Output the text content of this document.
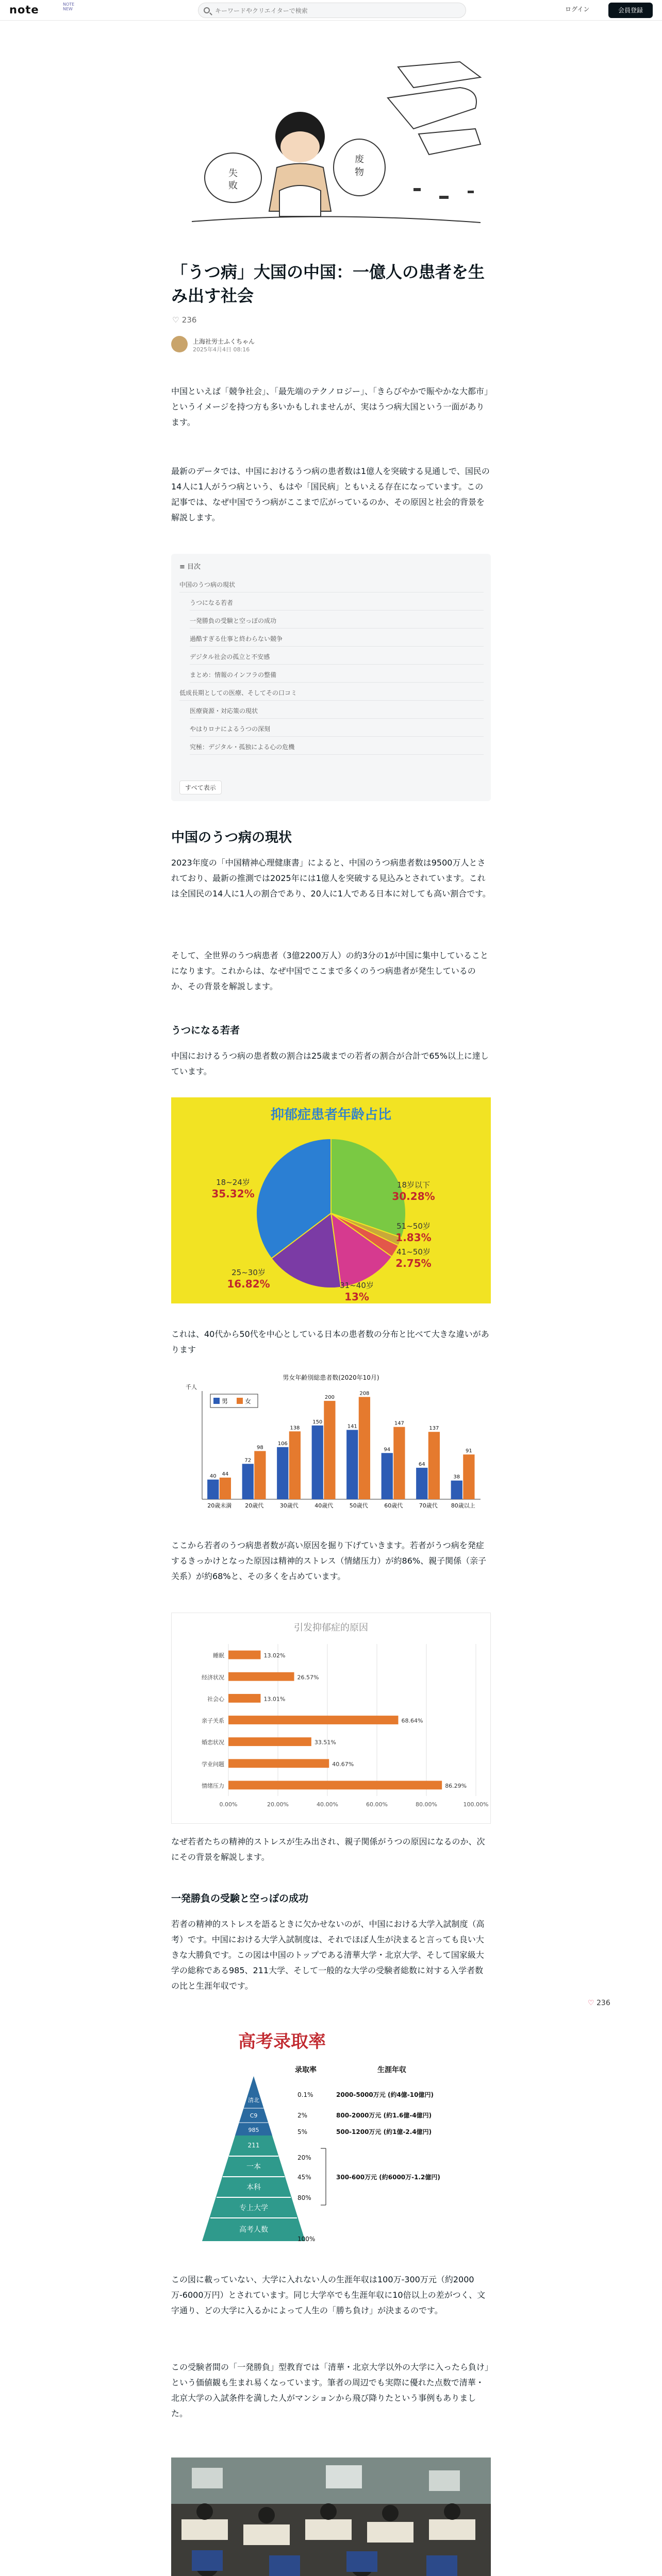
note	NOTE NEW
キーワードやクリエイターで検索	ログイン	会員登録
失
败
废
物
「うつ病」大国の中国：一億人の患者を生み出す社会
♡ 236
上海社労士ふくちゃん
2025年4月4日 08:16

中国といえば「競争社会」、「最先端のテクノロジー」、「きらびやかで賑やかな大都市」というイメージを持つ方も多いかもしれませんが、実はうつ病大国という一面があります。

最新のデータでは、中国におけるうつ病の患者数は1億人を突破する見通しで、国民の14人に1人がうつ病という、もはや「国民病」ともいえる存在になっています。この記事では、なぜ中国でうつ病がここまで広がっているのか、その原因と社会的背景を解説します。

≡ 目次
中国のうつ病の現状
うつになる若者
一発勝負の受験と空っぽの成功
過酷すぎる仕事と終わらない競争
デジタル社会の孤立と不安感
まとめ：情報のインフラの整備
低成長期としての医療、そしてその口コミ
医療資源・対応策の現状
やはりロナによるうつの深刻
究極：デジタル・孤独による心の危機
すべて表示
中国のうつ病の現状

2023年度の「中国精神心理健康書」によると、中国のうつ病患者数は9500万人とされており、最新の推測では2025年には1億人を突破する見込みとされています。これは全国民の14人に1人の割合であり、20人に1人である日本に対しても高い割合です。

そして、全世界のうつ病患者（3億2200万人）の約3分の1が中国に集中していることになります。これからは、なぜ中国でここまで多くのうつ病患者が発生しているのか、その背景を解説します。

うつになる若者

中国におけるうつ病の患者数の割合は25歳までの若者の割合が合計で65%以上に達しています。

抑郁症患者年龄占比
18岁以下
30.28%
51~50岁
1.83%
41~50岁
2.75%
31~40岁
13%
25~30岁
16.82%
18~24岁
35.32%

これは、40代から50代を中心としている日本の患者数の分布と比べて大きな違いがあります

男女年齢別総患者数(2020年10月)
千人
40
72
106
150
141
94
64
38
44
98
138
200
208
147
137
91
20歳未満 20歳代	30歳代	40歳代	50歳代	60歳代	70歳代 80歳以上
男	女

ここから若者のうつ病患者数が高い原因を掘り下げていきます。若者がうつ病を発症するきっかけとなった原因は精神的ストレス（情緒压力）が約86%、親子関係（亲子关系）が約68%と、その多くを占めています。

引发抑郁症的原因
0.00%	20.00%	40.00%	60.00%	80.00%	100.00%
睡眠	13.02%
经济状况	26.57%
社会心	13.01%
亲子关系	68.64%
婚恋状况	33.51%
学业问题	40.67%
情绪压力	86.29%

なぜ若者たちの精神的ストレスが生み出され、親子関係がうつの原因になるのか、次にその背景を解説します。

一発勝負の受験と空っぽの成功

若者の精神的ストレスを語るときに欠かせないのが、中国における大学入試制度（高考）です。中国における大学入試制度は、それでほぼ人生が決まると言っても良い大きな大勝負です。この図は中国のトップである清華大学・北京大学、そして国家級大学の総称である985、211大学、そして一般的な大学の受験者総数に対する入学者数の比と生涯年収です。

♡ 236
高考录取率
录取率	生涯年収
清北
C9
985
211
一本
本科
专上大学
高考人数
0.1%
2%
5%
20%
45%
80%
100%
2000-5000万元 (約4億-10億円)
800-2000万元 (約1.6億-4億円)
500-1200万元 (約1億-2.4億円)
300-600万元 (約6000万-1.2億円)

この図に載っていない、大学に入れない人の生涯年収は100万-300万元（約2000万-6000万円）とされています。同じ大学卒でも生涯年収に10倍以上の差がつく、文字通り、どの大学に入るかによって人生の「勝ち負け」が決まるのです。

この受験者間の「一発勝負」型教育では「清華・北京大学以外の大学に入ったら負け」という価値観も生まれ易くなっています。筆者の周辺でも実際に優れた点数で清華・北京大学の入試条件を満した人がマンションから飛び降りたという事例もありました。
